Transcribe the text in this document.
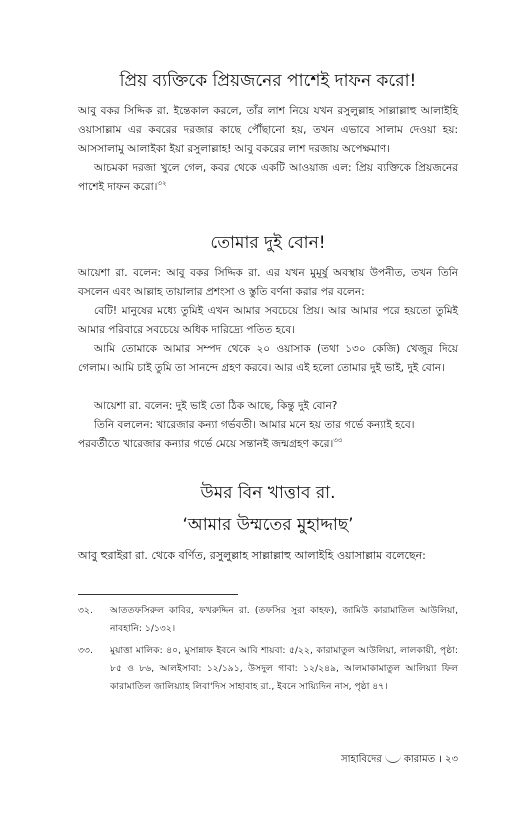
প্রিয় ব্যক্তিকে প্রিয়জনের পাশেই দাফন করো!

আবু বকর সিদ্দিক রা. ইন্তেকাল করলে, তাঁর লাশ নিয়ে যখন রসুলুল্লাহ সাল্লাল্লাহু আলাইহি ওয়াসাল্লাম এর কবরের দরজার কাছে পৌঁছানো হয়, তখন এভাবে সালাম দেওয়া হয়: আসসালামু আলাইকা ইয়া রসুলাল্লাহ! আবু বকরের লাশ দরজায় অপেক্ষমাণ।

আচমকা দরজা খুলে গেল, কবর থেকে একটি আওয়াজ এল: প্রিয় ব্যক্তিকে প্রিয়জনের পাশেই দাফন করো।$^{৩২}$

তোমার দুই বোন!

আয়েশা রা. বলেন: আবু বকর সিদ্দিক রা. এর যখন মুমূর্ষু অবস্থায় উপনীত, তখন তিনি বসলেন এবং আল্লাহ তায়ালার প্রশংসা ও স্তুতি বর্ণনা করার পর বলেন:

বেটি! মানুষের মধ্যে তুমিই এখন আমার সবচেয়ে প্রিয়। আর আমার পরে হয়তো তুমিই আমার পরিবারে সবচেয়ে অধিক দারিদ্র্যে পতিত হবে।

আমি তোমাকে আমার সম্পদ থেকে ২০ ওয়াসাক (তথা ১৩০ কেজি) খেজুর দিয়ে গেলাম। আমি চাই তুমি তা সানন্দে গ্রহণ করবে। আর এই হলো তোমার দুই ভাই, দুই বোন।

আয়েশা রা. বলেন: দুই ভাই তো ঠিক আছে, কিন্তু দুই বোন?

তিনি বললেন: খারেজার কন্যা গর্ভবতী। আমার মনে হয় তার গর্ভে কন্যাই হবে।

পরবর্তীতে খারেজার কন্যার গর্ভে মেয়ে সন্তানই জন্মগ্রহণ করে।$^{৩৩}$

উমর বিন খাত্তাব রা.
‘আমার উম্মতের মুহাদ্দাছ’

আবু হুরাইরা রা. থেকে বর্ণিত, রসুলুল্লাহ সাল্লাল্লাহু আলাইহি ওয়াসাল্লাম বলেছেন:

৩২.	আততফসিরুল কাবির, ফখরুদ্দিন রা. (তফসির সুরা কাহফ), জামিউ কারামাতিল আউলিয়া, নাবহানি: ১/১৩২।
৩৩.	মুয়াত্তা মালিক: ৪০, মুসান্নাফ ইবনে আবি শায়বা: ৫/২২, কারামাতুল আউলিয়া, লালকায়ী, পৃষ্ঠা: ৮৫ ও ৮৬, আলইসাবা: ১২/১৯১, উসদুল গাবা: ১২/২৪৯, আলমাকামাতুল আলিয়্যা ফিল কারামাতিল জালিয়্যাহ লিবা'দিস সাহাবাহ রা., ইবনে সায়্যিদিন নাস, পৃষ্ঠা ৪৭।
সাহাবিদের কারামত । ২৩
